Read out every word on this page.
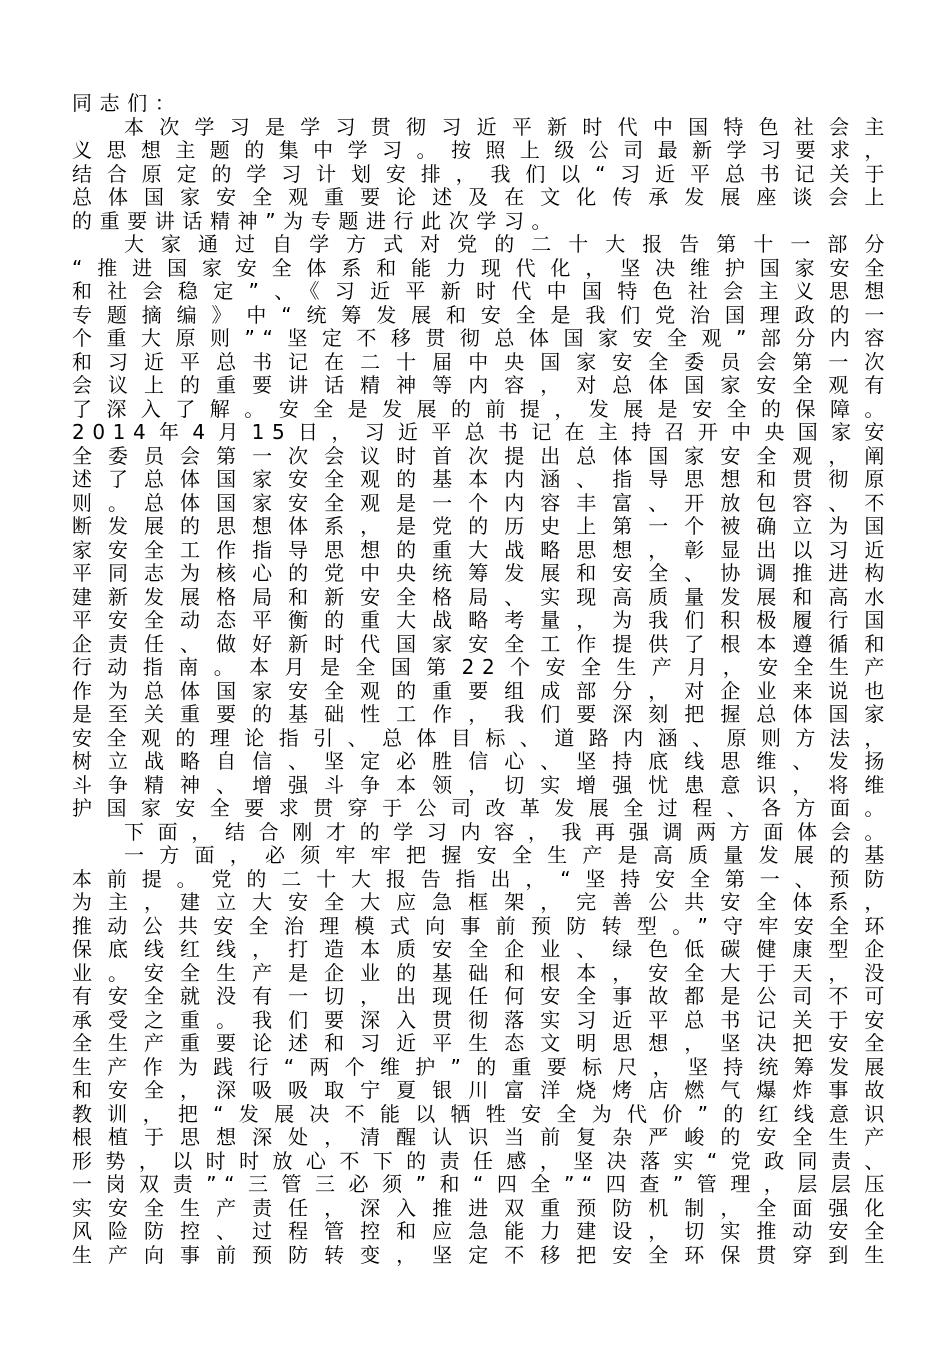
同志们：
本次学习是学习贯彻习近平新时代中国特色社会主
义思想主题的集中学习。按照上级公司最新学习要求，
结合原定的学习计划安排，我们以“习近平总书记关于
总体国家安全观重要论述及在文化传承发展座谈会上
的重要讲话精神”为专题进行此次学习。
大家通过自学方式对党的二十大报告第十一部分
“推进国家安全体系和能力现代化，坚决维护国家安全
和社会稳定”、《习近平新时代中国特色社会主义思想
专题摘编》中“统筹发展和安全是我们党治国理政的一
个重大原则”“坚定不移贯彻总体国家安全观”部分内容
和习近平总书记在二十届中央国家安全委员会第一次
会议上的重要讲话精神等内容，对总体国家安全观有
了深入了解。安全是发展的前提，发展是安全的保障。
2014年4月15日，习近平总书记在主持召开中央国家安
全委员会第一次会议时首次提出总体国家安全观，阐
述了总体国家安全观的基本内涵、指导思想和贯彻原
则。总体国家安全观是一个内容丰富、开放包容、不
断发展的思想体系，是党的历史上第一个被确立为国
家安全工作指导思想的重大战略思想，彰显出以习近
平同志为核心的党中央统筹发展和安全、协调推进构
建新发展格局和新安全格局、实现高质量发展和高水
平安全动态平衡的重大战略考量，为我们积极履行国
企责任、做好新时代国家安全工作提供了根本遵循和
行动指南。本月是全国第22个安全生产月，安全生产
作为总体国家安全观的重要组成部分，对企业来说也
是至关重要的基础性工作，我们要深刻把握总体国家
安全观的理论指引、总体目标、道路内涵、原则方法，
树立战略自信、坚定必胜信心、坚持底线思维、发扬
斗争精神、增强斗争本领，切实增强忧患意识，将维
护国家安全要求贯穿于公司改革发展全过程、各方面。
下面，结合刚才的学习内容，我再强调两方面体会。
一方面，必须牢牢把握安全生产是高质量发展的基
本前提。党的二十大报告指出，“坚持安全第一、预防
为主，建立大安全大应急框架，完善公共安全体系，
推动公共安全治理模式向事前预防转型。”守牢安全环
保底线红线，打造本质安全企业、绿色低碳健康型企
业。安全生产是企业的基础和根本，安全大于天，没
有安全就没有一切，出现任何安全事故都是公司不可
承受之重。我们要深入贯彻落实习近平总书记关于安
全生产重要论述和习近平生态文明思想，坚决把安全
生产作为践行“两个维护”的重要标尺，坚持统筹发展
和安全，深吸吸取宁夏银川富洋烧烤店燃气爆炸事故
教训，把“发展决不能以牺牲安全为代价”的红线意识
根植于思想深处，清醒认识当前复杂严峻的安全生产
形势，以时时放心不下的责任感，坚决落实“党政同责、
一岗双责”“三管三必须”和“四全”“四查”管理，层层压
实安全生产责任，深入推进双重预防机制，全面强化
风险防控、过程管控和应急能力建设，切实推动安全
生产向事前预防转变，坚定不移把安全环保贯穿到生
